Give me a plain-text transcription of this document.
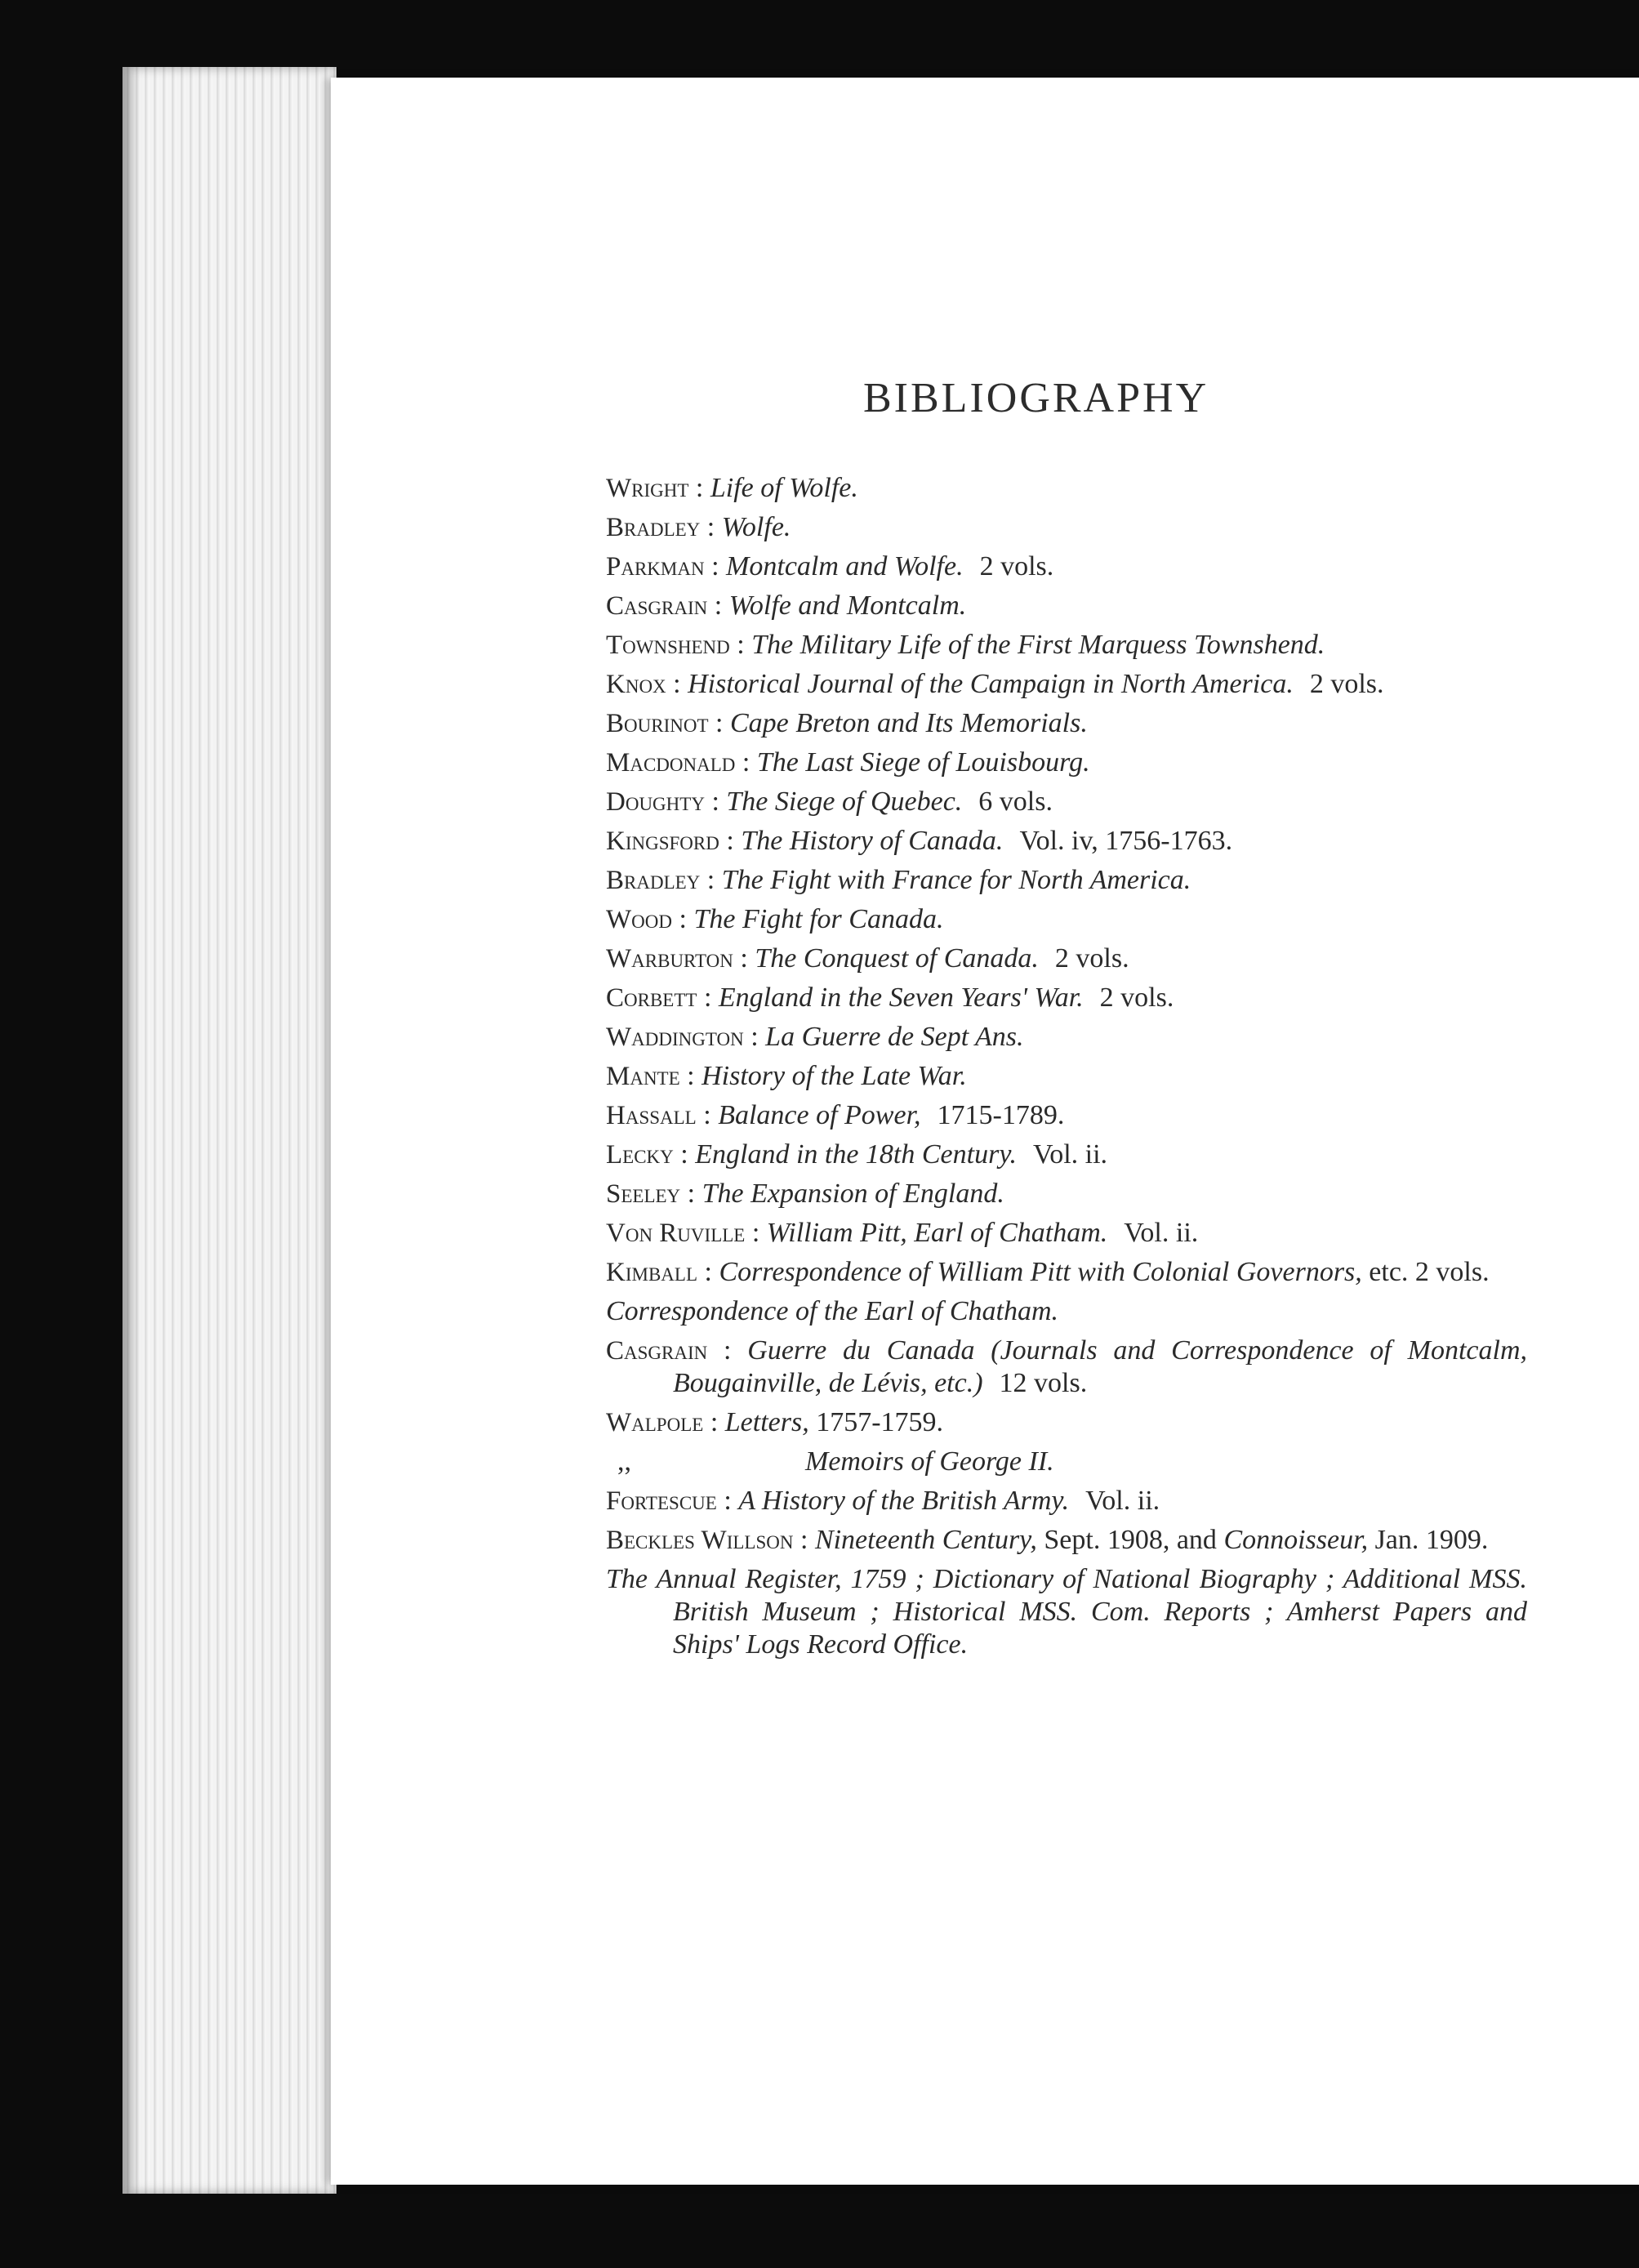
BIBLIOGRAPHY

Wright : Life of Wolfe.

Bradley : Wolfe.

Parkman : Montcalm and Wolfe. 2 vols.

Casgrain : Wolfe and Montcalm.

Townshend : The Military Life of the First Marquess Townshend.

Knox : Historical Journal of the Campaign in North America. 2 vols.

Bourinot : Cape Breton and Its Memorials.

Macdonald : The Last Siege of Louisbourg.

Doughty : The Siege of Quebec. 6 vols.

Kingsford : The History of Canada. Vol. iv, 1756-1763.

Bradley : The Fight with France for North America.

Wood : The Fight for Canada.

Warburton : The Conquest of Canada. 2 vols.

Corbett : England in the Seven Years' War. 2 vols.

Waddington : La Guerre de Sept Ans.

Mante : History of the Late War.

Hassall : Balance of Power, 1715-1789.

Lecky : England in the 18th Century. Vol. ii.

Seeley : The Expansion of England.

Von Ruville : William Pitt, Earl of Chatham. Vol. ii.

Kimball : Correspondence of William Pitt with Colonial Governors, etc. 2 vols.

Correspondence of the Earl of Chatham.

Casgrain : Guerre du Canada (Journals and Correspondence of Montcalm, Bougainville, de Lévis, etc.) 12 vols.

Walpole : Letters, 1757-1759.

,,	Memoirs of George II.

Fortescue : A History of the British Army. Vol. ii.

Beckles Willson : Nineteenth Century, Sept. 1908, and Connoisseur, Jan. 1909.

The Annual Register, 1759 ; Dictionary of National Biography ; Additional MSS. British Museum ; Historical MSS. Com. Reports ; Amherst Papers and Ships' Logs Record Office.
